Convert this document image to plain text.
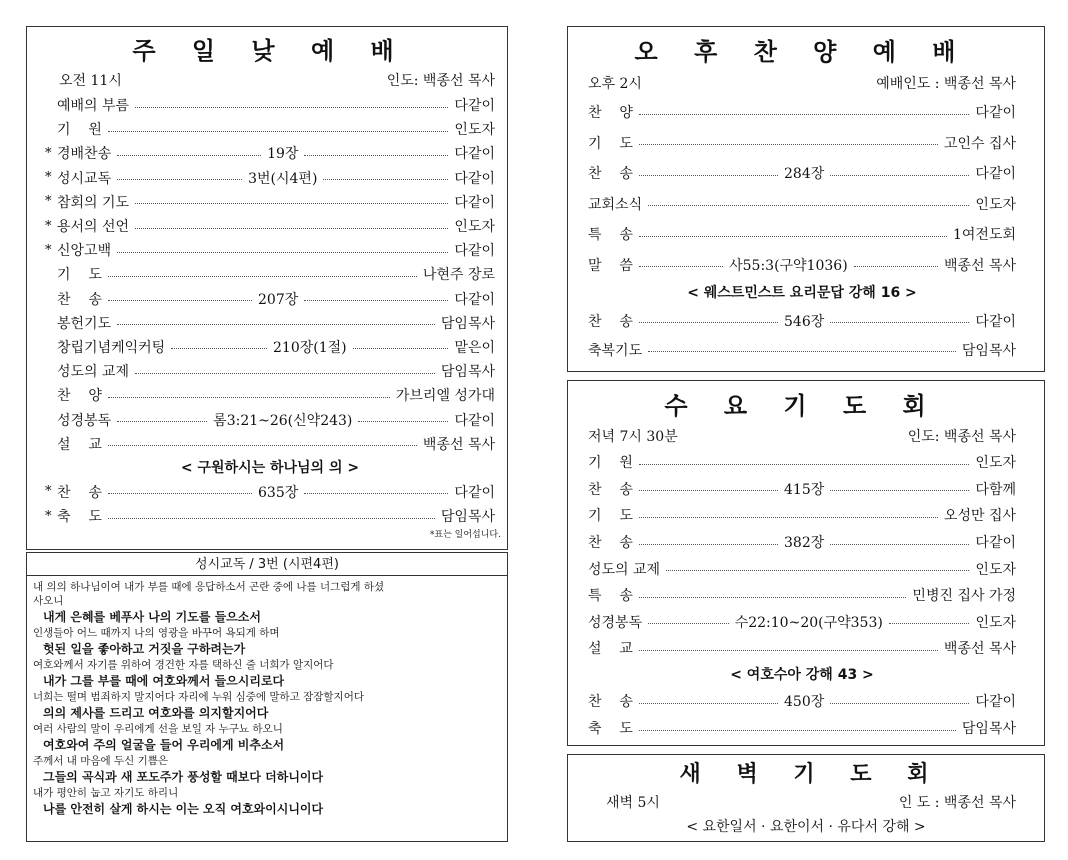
주 일 낮 예 배
오전 11시	인도: 백종선 목사
예배의 부름	다같이
기    원	인도자
* 경배찬송	19장	다같이
* 성시교독	3번(시4편)	다같이
* 참회의 기도	다같이
* 용서의 선언	인도자
* 신앙고백	다같이
기    도	나현주 장로
찬    송	207장	다같이
봉헌기도	담임목사
창립기념케익커팅	210장(1절)	맡은이
성도의 교제	담임목사
찬    양	가브리엘 성가대
성경봉독	롬3:21~26(신약243)	다같이
설    교	백종선 목사
< 구원하시는 하나님의 의 >
* 찬    송	635장	다같이
* 축    도	담임목사
*표는 일어섭니다.
성시교독 / 3번 (시편4편)
내 의의 하나님이여 내가 부를 때에 응답하소서 곤란 중에 나를 너그럽게 하셨
사오니
내게 은혜를 베푸사 나의 기도를 들으소서
인생들아 어느 때까지 나의 영광을 바꾸어 욕되게 하며
헛된 일을 좋아하고 거짓을 구하려는가
여호와께서 자기를 위하여 경건한 자를 택하신 줄 너희가 알지어다
내가 그를 부를 때에 여호와께서 들으시리로다
너희는 떨며 범죄하지 말지어다 자리에 누워 심중에 말하고 잠잠할지어다
의의 제사를 드리고 여호와를 의지할지어다
여러 사람의 말이 우리에게 선을 보일 자 누구뇨 하오니
여호와여 주의 얼굴을 들어 우리에게 비추소서
주께서 내 마음에 두신 기쁨은
그들의 곡식과 새 포도주가 풍성할 때보다 더하니이다
내가 평안히 눕고 자기도 하리니
나를 안전히 살게 하시는 이는 오직 여호와이시니이다
오 후 찬 양 예 배
오후 2시	예배인도 : 백종선 목사
찬    양	다같이
기    도	고인수 집사
찬    송	284장	다같이
교회소식	인도자
특    송	1여전도회
말    씀	사55:3(구약1036)	백종선 목사
< 웨스트민스트 요리문답 강해 16 >
찬    송	546장	다같이
축복기도	담임목사
수 요 기 도 회
저녁 7시 30분	인도: 백종선 목사
기    원	인도자
찬    송	415장	다함께
기    도	오성만 집사
찬    송	382장	다같이
성도의 교제	인도자
특    송	민병진 집사 가정
성경봉독	수22:10~20(구약353)	인도자
설    교	백종선 목사
< 여호수아 강해 43 >
찬    송	450장	다같이
축    도	담임목사
새 벽 기 도 회
새벽 5시	인 도 : 백종선 목사
< 요한일서 · 요한이서 · 유다서 강해 >
